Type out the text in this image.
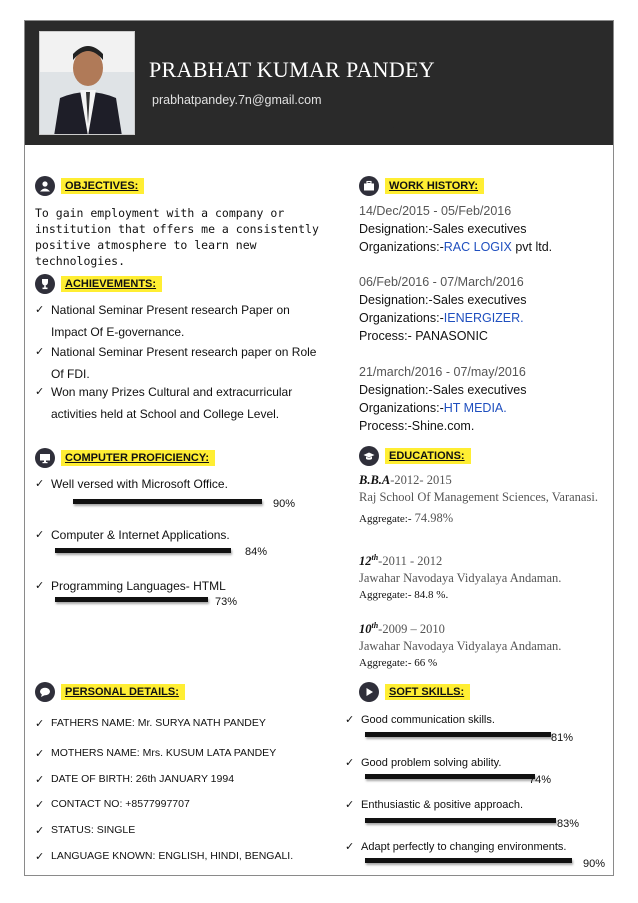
PRABHAT KUMAR PANDEY
prabhatpandey.7n@gmail.com
OBJECTIVES:
To gain employment with a company or institution that offers me a consistently positive atmosphere to learn new technologies.
ACHIEVEMENTS:
✓ National Seminar Present research Paper on
Impact Of E-governance.
✓ National Seminar Present research paper on Role
Of FDI.
✓ Won many Prizes Cultural and extracurricular
activities held at School and College Level.
COMPUTER PROFICIENCY:
✓ Well versed with Microsoft Office.
90%
✓ Computer & Internet Applications.
84%
✓ Programming Languages- HTML
73%
PERSONAL DETAILS:
✓ FATHERS NAME: Mr. SURYA NATH PANDEY
✓ MOTHERS NAME: Mrs. KUSUM LATA PANDEY
✓ DATE OF BIRTH: 26th JANUARY 1994
✓ CONTACT NO: +8577997707
✓ STATUS: SINGLE
✓ LANGUAGE KNOWN: ENGLISH, HINDI, BENGALI.
WORK HISTORY:
14/Dec/2015 - 05/Feb/2016
Designation:-Sales executives
Organizations:-RAC LOGIX pvt ltd.
06/Feb/2016 - 07/March/2016
Designation:-Sales executives
Organizations:-IENERGIZER.
Process:- PANASONIC
21/march/2016 - 07/may/2016
Designation:-Sales executives
Organizations:-HT MEDIA.
Process:-Shine.com.
EDUCATIONS:
B.B.A-2012- 2015
Raj School Of Management Sciences, Varanasi.
Aggregate:- 74.98%
12th-2011 - 2012
Jawahar Navodaya Vidyalaya Andaman.
Aggregate:- 84.8 %.
10th-2009 – 2010
Jawahar Navodaya Vidyalaya Andaman.
Aggregate:- 66 %
SOFT SKILLS:
✓ Good communication skills.
81%
✓ Good problem solving ability.
74%
✓ Enthusiastic & positive approach.
83%
✓ Adapt perfectly to changing environments.
90%
